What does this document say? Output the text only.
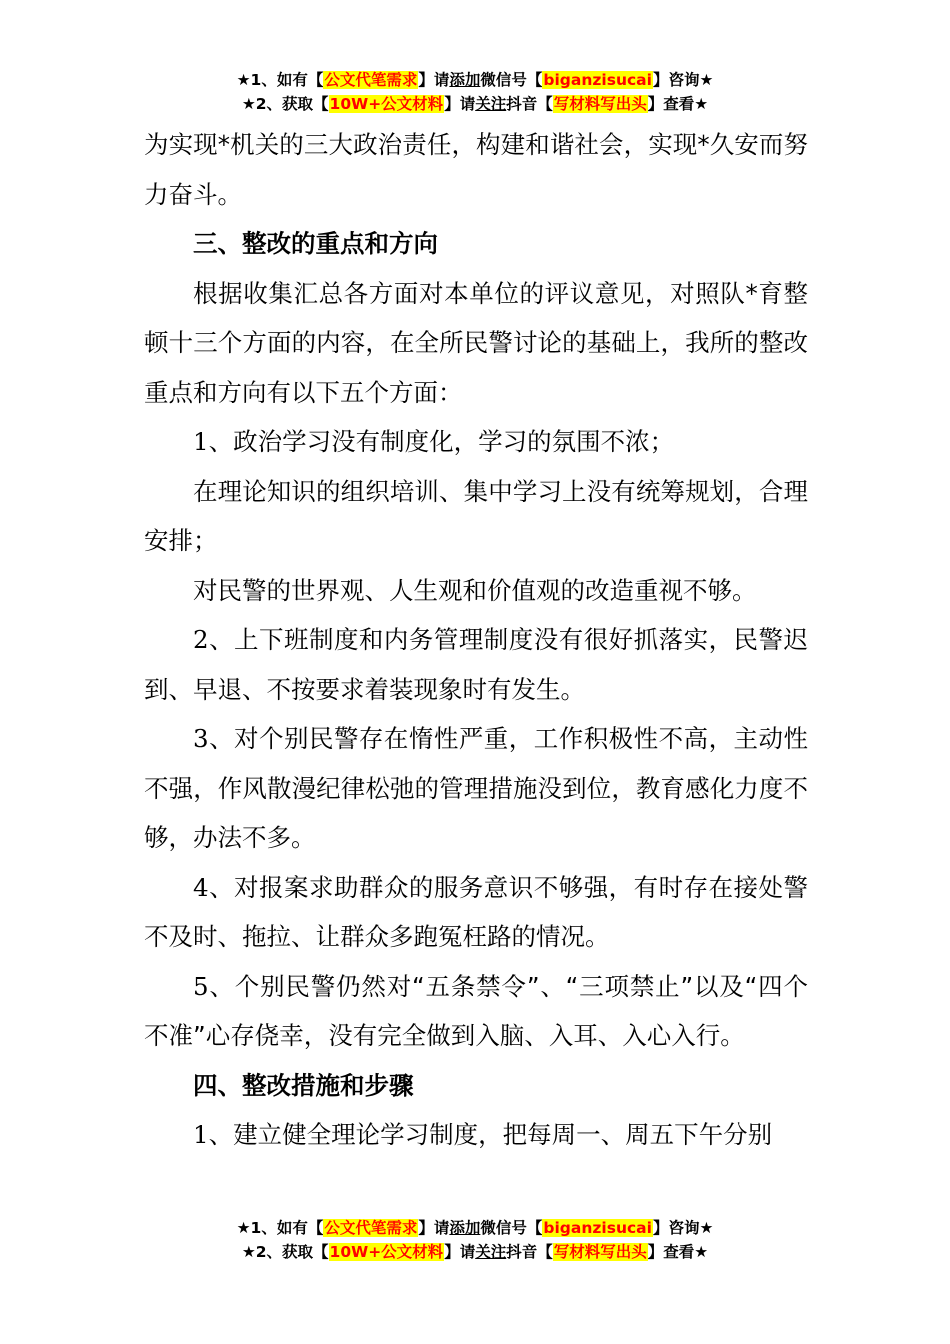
★1、如有【公文代笔需求】请添加微信号【biganzisucai】咨询★
★2、获取【10W+公文材料】请关注抖音【写材料写出头】查看★

为实现*机关的三大政治责任，构建和谐社会，实现*久安而努力奋斗。

三、整改的重点和方向

根据收集汇总各方面对本单位的评议意见，对照队*育整顿十三个方面的内容，在全所民警讨论的基础上，我所的整改重点和方向有以下五个方面：

1、政治学习没有制度化，学习的氛围不浓；

在理论知识的组织培训、集中学习上没有统筹规划，合理安排；

对民警的世界观、人生观和价值观的改造重视不够。

2、上下班制度和内务管理制度没有很好抓落实，民警迟到、早退、不按要求着装现象时有发生。

3、对个别民警存在惰性严重，工作积极性不高，主动性不强，作风散漫纪律松弛的管理措施没到位，教育感化力度不够，办法不多。

4、对报案求助群众的服务意识不够强，有时存在接处警不及时、拖拉、让群众多跑冤枉路的情况。

5、个别民警仍然对“五条禁令”、“三项禁止”以及“四个不准”心存侥幸，没有完全做到入脑、入耳、入心入行。

四、整改措施和步骤

1、建立健全理论学习制度，把每周一、周五下午分别

★1、如有【公文代笔需求】请添加微信号【biganzisucai】咨询★
★2、获取【10W+公文材料】请关注抖音【写材料写出头】查看★
